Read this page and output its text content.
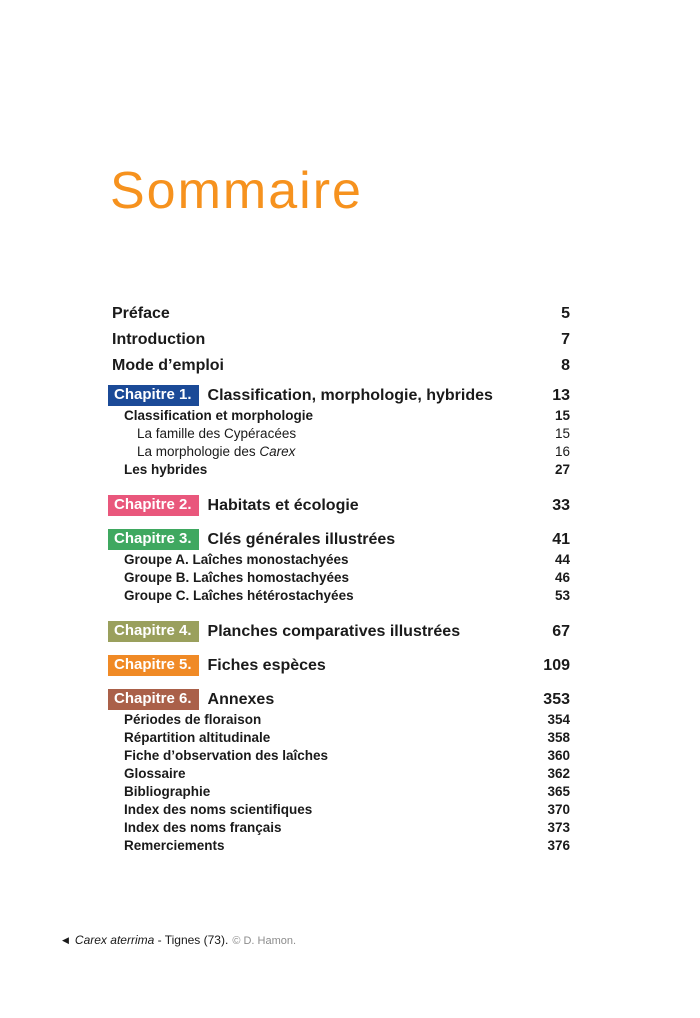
Sommaire
Préface	5
Introduction	7
Mode d’emploi	8
Chapitre 1.	Classification, morphologie, hybrides	13
Classification et morphologie	15
La famille des Cypéracées	15
La morphologie des Carex	16
Les hybrides	27
Chapitre 2.	Habitats et écologie	33
Chapitre 3.	Clés générales illustrées	41
Groupe A. Laîches monostachyées	44
Groupe B. Laîches homostachyées	46
Groupe C. Laîches hétérostachyées	53
Chapitre 4.	Planches comparatives illustrées	67
Chapitre 5.	Fiches espèces	109
Chapitre 6.	Annexes	353
Périodes de floraison	354
Répartition altitudinale	358
Fiche d’observation des laîches	360
Glossaire	362
Bibliographie	365
Index des noms scientifiques	370
Index des noms français	373
Remerciements	376
◀ Carex aterrima - Tignes (73). © D. Hamon.
